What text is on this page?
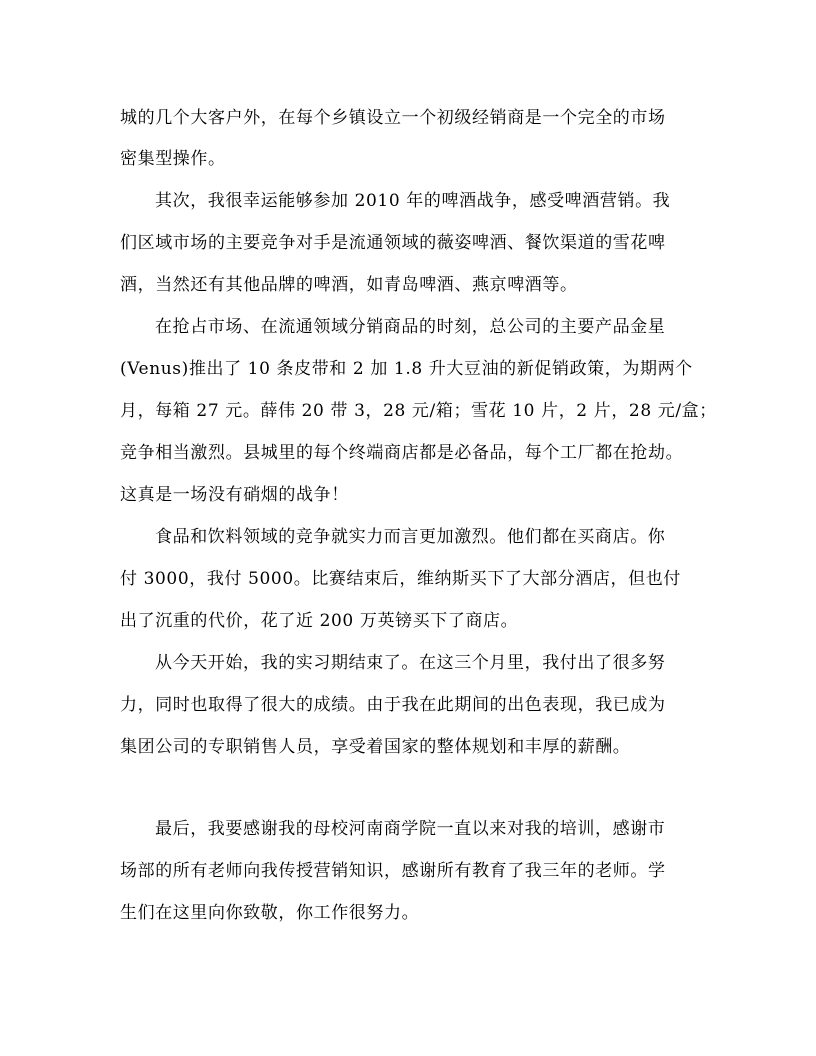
城的几个大客户外，在每个乡镇设立一个初级经销商是一个完全的市场
密集型操作。
其次，我很幸运能够参加 2010 年的啤酒战争，感受啤酒营销。我
们区域市场的主要竞争对手是流通领域的薇姿啤酒、餐饮渠道的雪花啤
酒，当然还有其他品牌的啤酒，如青岛啤酒、燕京啤酒等。
在抢占市场、在流通领域分销商品的时刻，总公司的主要产品金星
(Venus)推出了 10 条皮带和 2 加 1.8 升大豆油的新促销政策，为期两个
月，每箱 27 元。薛伟 20 带 3，28 元/箱；雪花 10 片，2 片，28 元/盒；
竞争相当激烈。县城里的每个终端商店都是必备品，每个工厂都在抢劫。
这真是一场没有硝烟的战争！
食品和饮料领域的竞争就实力而言更加激烈。他们都在买商店。你
付 3000，我付 5000。比赛结束后，维纳斯买下了大部分酒店，但也付
出了沉重的代价，花了近 200 万英镑买下了商店。
从今天开始，我的实习期结束了。在这三个月里，我付出了很多努
力，同时也取得了很大的成绩。由于我在此期间的出色表现，我已成为
集团公司的专职销售人员，享受着国家的整体规划和丰厚的薪酬。
最后，我要感谢我的母校河南商学院一直以来对我的培训，感谢市
场部的所有老师向我传授营销知识，感谢所有教育了我三年的老师。学
生们在这里向你致敬，你工作很努力。
